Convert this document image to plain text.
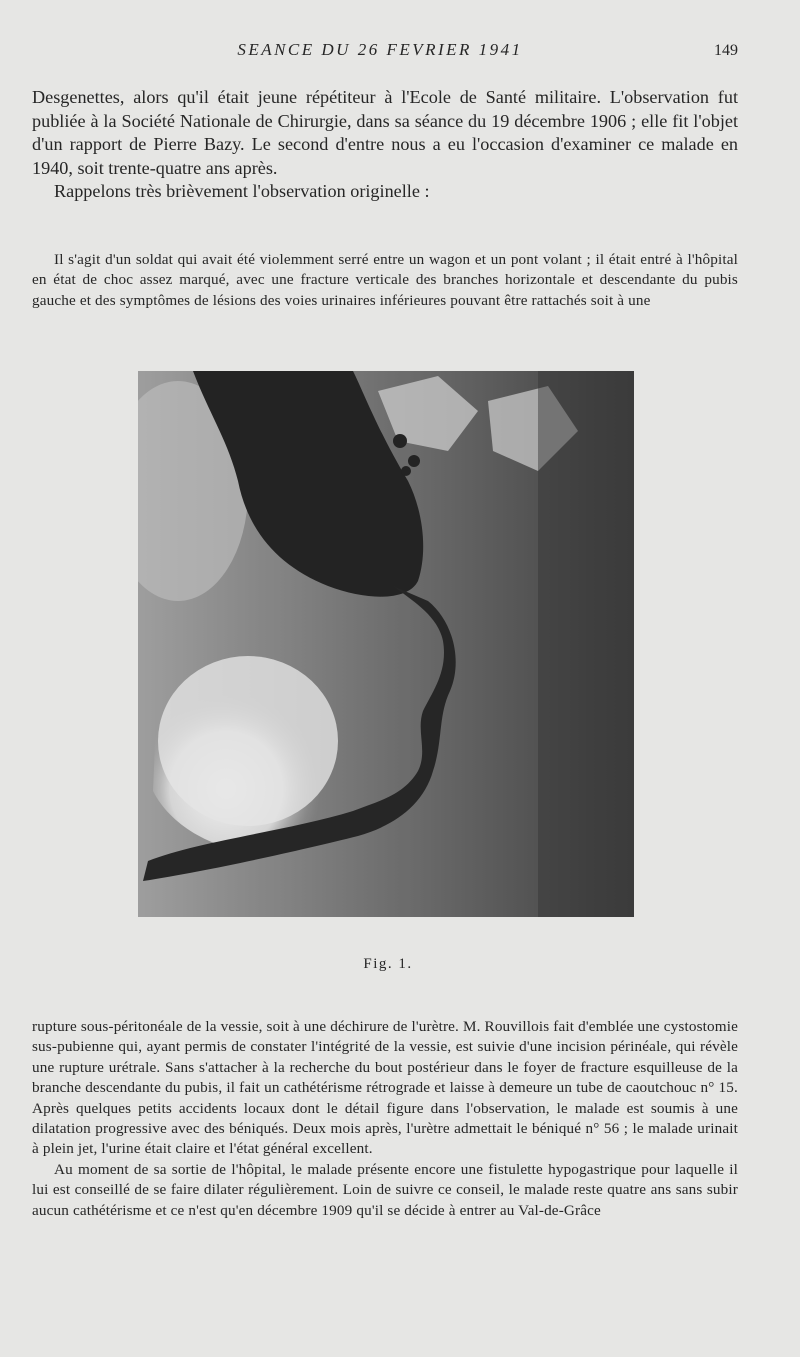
SEANCE DU 26 FEVRIER 1941	149

Desgenettes, alors qu'il était jeune répétiteur à l'Ecole de Santé militaire. L'observation fut publiée à la Société Nationale de Chirurgie, dans sa séance du 19 décembre 1906 ; elle fit l'objet d'un rapport de Pierre Bazy. Le second d'entre nous a eu l'occasion d'examiner ce malade en 1940, soit trente-quatre ans après.

Rappelons très brièvement l'observation originelle :

Il s'agit d'un soldat qui avait été violemment serré entre un wagon et un pont volant ; il était entré à l'hôpital en état de choc assez marqué, avec une fracture verticale des branches horizontale et descendante du pubis gauche et des symptômes de lésions des voies urinaires inférieures pouvant être rattachés soit à une

Fig. 1.

rupture sous-péritonéale de la vessie, soit à une déchirure de l'urètre. M. Rouvillois fait d'emblée une cystostomie sus-pubienne qui, ayant permis de constater l'intégrité de la vessie, est suivie d'une incision périnéale, qui révèle une rupture urétrale. Sans s'attacher à la recherche du bout postérieur dans le foyer de fracture esquilleuse de la branche descendante du pubis, il fait un cathétérisme rétrograde et laisse à demeure un tube de caoutchouc n° 15. Après quelques petits accidents locaux dont le détail figure dans l'observation, le malade est soumis à une dilatation progressive avec des béniqués. Deux mois après, l'urètre admettait le béniqué n° 56 ; le malade urinait à plein jet, l'urine était claire et l'état général excellent.

Au moment de sa sortie de l'hôpital, le malade présente encore une fistulette hypogastrique pour laquelle il lui est conseillé de se faire dilater régulièrement. Loin de suivre ce conseil, le malade reste quatre ans sans subir aucun cathétérisme et ce n'est qu'en décembre 1909 qu'il se décide à entrer au Val-de-Grâce
